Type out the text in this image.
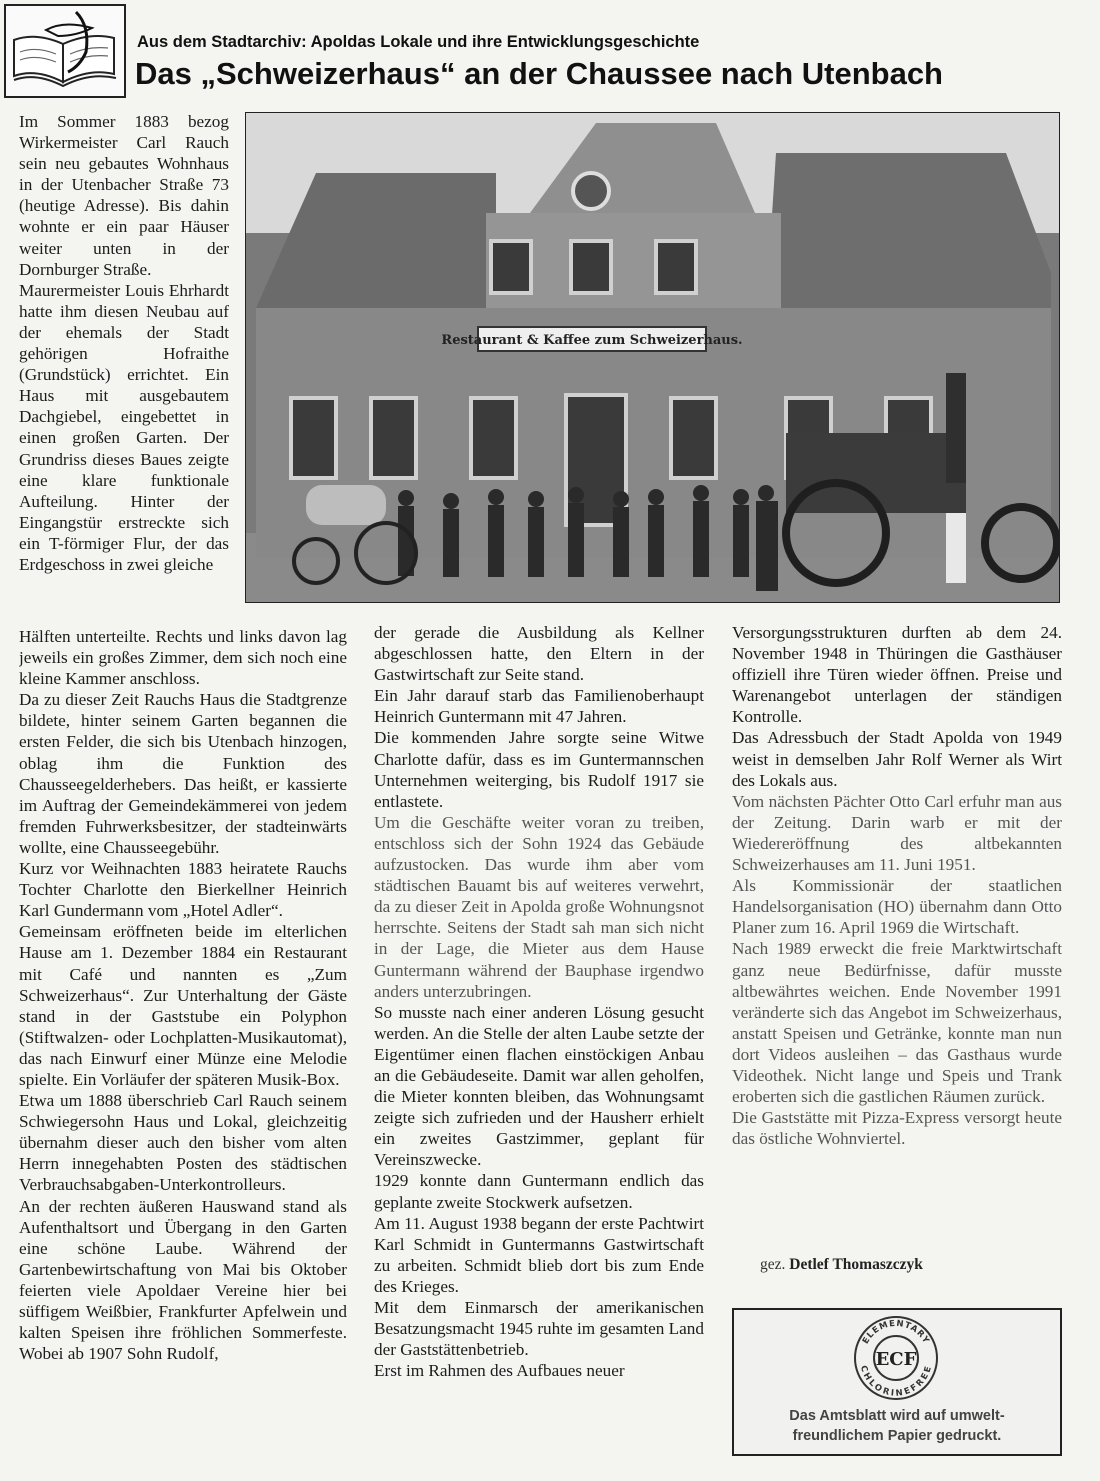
Aus dem Stadtarchiv: Apoldas Lokale und ihre Entwicklungsgeschichte
Das „Schweizerhaus“ an der Chaussee nach Utenbach
Restaurant & Kaffee zum Schweizerhaus.

Im Sommer 1883 bezog Wirkermeister Carl Rauch sein neu gebautes Wohnhaus in der Utenbacher Straße 73 (heutige Adresse). Bis dahin wohnte er ein paar Häuser weiter unten in der Dornburger Straße.

Maurermeister Louis Ehrhardt hatte ihm diesen Neubau auf der ehemals der Stadt gehörigen Hofraithe (Grundstück) errichtet. Ein Haus mit ausgebautem Dachgiebel, eingebettet in einen großen Garten. Der Grundriss dieses Baues zeigte eine klare funktionale Aufteilung. Hinter der Eingangstür erstreckte sich ein T-förmiger Flur, der das Erdgeschoss in zwei gleiche

Hälften unterteilte. Rechts und links davon lag jeweils ein großes Zimmer, dem sich noch eine kleine Kammer anschloss.

Da zu dieser Zeit Rauchs Haus die Stadtgrenze bildete, hinter seinem Garten begannen die ersten Felder, die sich bis Utenbach hinzogen, oblag ihm die Funktion des Chausseegelderhebers. Das heißt, er kassierte im Auftrag der Gemeindekämmerei von jedem fremden Fuhrwerksbesitzer, der stadteinwärts wollte, eine Chausseegebühr.

Kurz vor Weihnachten 1883 heiratete Rauchs Tochter Charlotte den Bierkellner Heinrich Karl Gundermann vom „Hotel Adler“.

Gemeinsam eröffneten beide im elterlichen Hause am 1. Dezember 1884 ein Restaurant mit Café und nannten es „Zum Schweizerhaus“. Zur Unterhaltung der Gäste stand in der Gaststube ein Polyphon (Stiftwalzen- oder Lochplatten-Musikautomat), das nach Einwurf einer Münze eine Melodie spielte. Ein Vorläufer der späteren Musik-Box.

Etwa um 1888 überschrieb Carl Rauch seinem Schwiegersohn Haus und Lokal, gleichzeitig übernahm dieser auch den bisher vom alten Herrn innegehabten Posten des städtischen Verbrauchsabgaben-Unterkontrolleurs.

An der rechten äußeren Hauswand stand als Aufenthaltsort und Übergang in den Garten eine schöne Laube. Während der Gartenbewirtschaftung von Mai bis Oktober feierten viele Apoldaer Vereine hier bei süffigem Weißbier, Frankfurter Apfelwein und kalten Speisen ihre fröhlichen Sommerfeste. Wobei ab 1907 Sohn Rudolf,

der gerade die Ausbildung als Kellner abgeschlossen hatte, den Eltern in der Gastwirtschaft zur Seite stand.

Ein Jahr darauf starb das Familienoberhaupt Heinrich Guntermann mit 47 Jahren.

Die kommenden Jahre sorgte seine Witwe Charlotte dafür, dass es im Guntermannschen Unternehmen weiterging, bis Rudolf 1917 sie entlastete.

Um die Geschäfte weiter voran zu treiben, entschloss sich der Sohn 1924 das Gebäude aufzustocken. Das wurde ihm aber vom städtischen Bauamt bis auf weiteres verwehrt, da zu dieser Zeit in Apolda große Wohnungsnot herrschte. Seitens der Stadt sah man sich nicht in der Lage, die Mieter aus dem Hause Guntermann während der Bauphase irgendwo anders unterzubringen.

So musste nach einer anderen Lösung gesucht werden. An die Stelle der alten Laube setzte der Eigentümer einen flachen einstöckigen Anbau an die Gebäudeseite. Damit war allen geholfen, die Mieter konnten bleiben, das Wohnungsamt zeigte sich zufrieden und der Hausherr erhielt ein zweites Gastzimmer, geplant für Vereinszwecke.

1929 konnte dann Guntermann endlich das geplante zweite Stockwerk aufsetzen.

Am 11. August 1938 begann der erste Pachtwirt Karl Schmidt in Guntermanns Gastwirtschaft zu arbeiten. Schmidt blieb dort bis zum Ende des Krieges.

Mit dem Einmarsch der amerikanischen Besatzungsmacht 1945 ruhte im gesamten Land der Gaststättenbetrieb.

Erst im Rahmen des Aufbaues neuer

Versorgungsstrukturen durften ab dem 24. November 1948 in Thüringen die Gasthäuser offiziell ihre Türen wieder öffnen. Preise und Warenangebot unterlagen der ständigen Kontrolle.

Das Adressbuch der Stadt Apolda von 1949 weist in demselben Jahr Rolf Werner als Wirt des Lokals aus.

Vom nächsten Pächter Otto Carl erfuhr man aus der Zeitung. Darin warb er mit der Wiedereröffnung des altbekannten Schweizerhauses am 11. Juni 1951.

Als Kommissionär der staatlichen Handelsorganisation (HO) übernahm dann Otto Planer zum 16. April 1969 die Wirtschaft.

Nach 1989 erweckt die freie Marktwirtschaft ganz neue Bedürfnisse, dafür musste altbewährtes weichen. Ende November 1991 veränderte sich das Angebot im Schweizerhaus, anstatt Speisen und Getränke, konnte man nun dort Videos ausleihen – das Gasthaus wurde Videothek. Nicht lange und Speis und Trank eroberten sich die gastlichen Räumen zurück.

Die Gaststätte mit Pizza-Express versorgt heute das östliche Wohnviertel.

gez. Detlef Thomaszczyk
ELEMENTARY
CHLORINEFREE
ECF
Das Amtsblatt wird auf umwelt-
freundlichem Papier gedruckt.
